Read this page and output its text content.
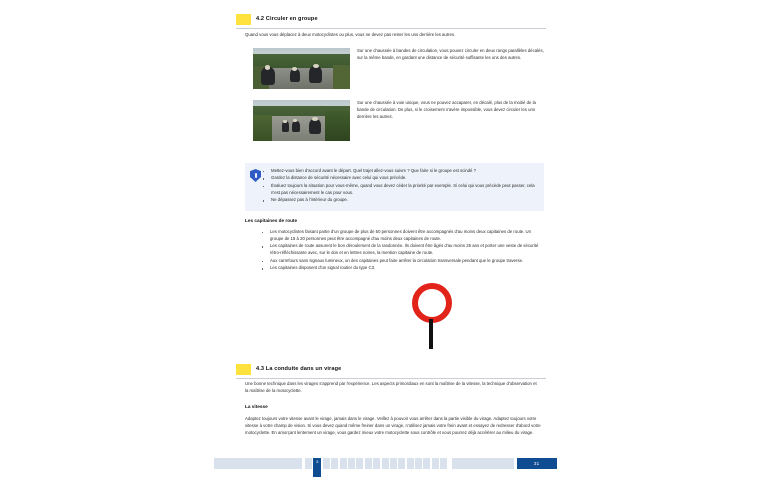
4.2 Circuler en groupe
Quand vous vous déplacez à deux motocyclistes ou plus, vous ne devez pas rester les uns derrière les autres.
Sur une chaussée à bandes de circulation, vous pouvez circuler en deux rangs parallèles décalés, sur la même bande, en gardant une distance de sécurité suffisante les uns des autres.
Sur une chaussée à voie unique, vous ne pouvez accaparer, en décalé, plus de la moitié de la bande de circulation. De plus, si le croisement s'avère impossible, vous devez circuler les uns derrière les autres.
Mettez-vous bien d'accord avant le départ. Quel trajet allez-vous suivre ? Que faire si le groupe est scindé ?
Gardez la distance de sécurité nécessaire avec celui qui vous précède.
Évaluez toujours la situation pour vous-même, quand vous devez céder la priorité par exemple. Si celui qui vous précède peut passer, cela n'est pas nécessairement le cas pour vous.
Ne dépassez pas à l'intérieur du groupe.
Les capitaines de route
Les motocyclistes faisant partie d'un groupe de plus de 50 personnes doivent être accompagnés d'au moins deux capitaines de route. Un groupe de 15 à 20 personnes peut être accompagné d'au moins deux capitaines de route.
Les capitaines de route assurent le bon déroulement de la randonnée. Ils doivent être âgés d'au moins 25 ans et porter une veste de sécurité rétro-réfléchissante avec, sur le dos et en lettres noires, la mention capitaine de route.
Aux carrefours sans signaux lumineux, un des capitaines peut faire arrêter la circulation transversale pendant que le groupe traverse.
Les capitaines disposent d'un signal routier du type C3.
4.3 La conduite dans un virage
Une bonne technique dans les virages s'apprend par l'expérience. Les aspects primordiaux en sont la maîtrise de la vitesse, la technique d'observation et la maîtrise de la motocyclette.
La vitesse
Adaptez toujours votre vitesse avant le virage, jamais dans le virage. Veillez à pouvoir vous arrêter dans la partie visible du virage. Adaptez toujours votre vitesse à votre champ de vision. Si vous devez quand même freiner dans un virage, n'utilisez jamais votre frein avant et essayez de redresser d'abord votre motocyclette. En amorçant lentement un virage, vous gardez mieux votre motocyclette sous contrôle et vous pourrez déjà accélérer au milieu du virage.
8	31
